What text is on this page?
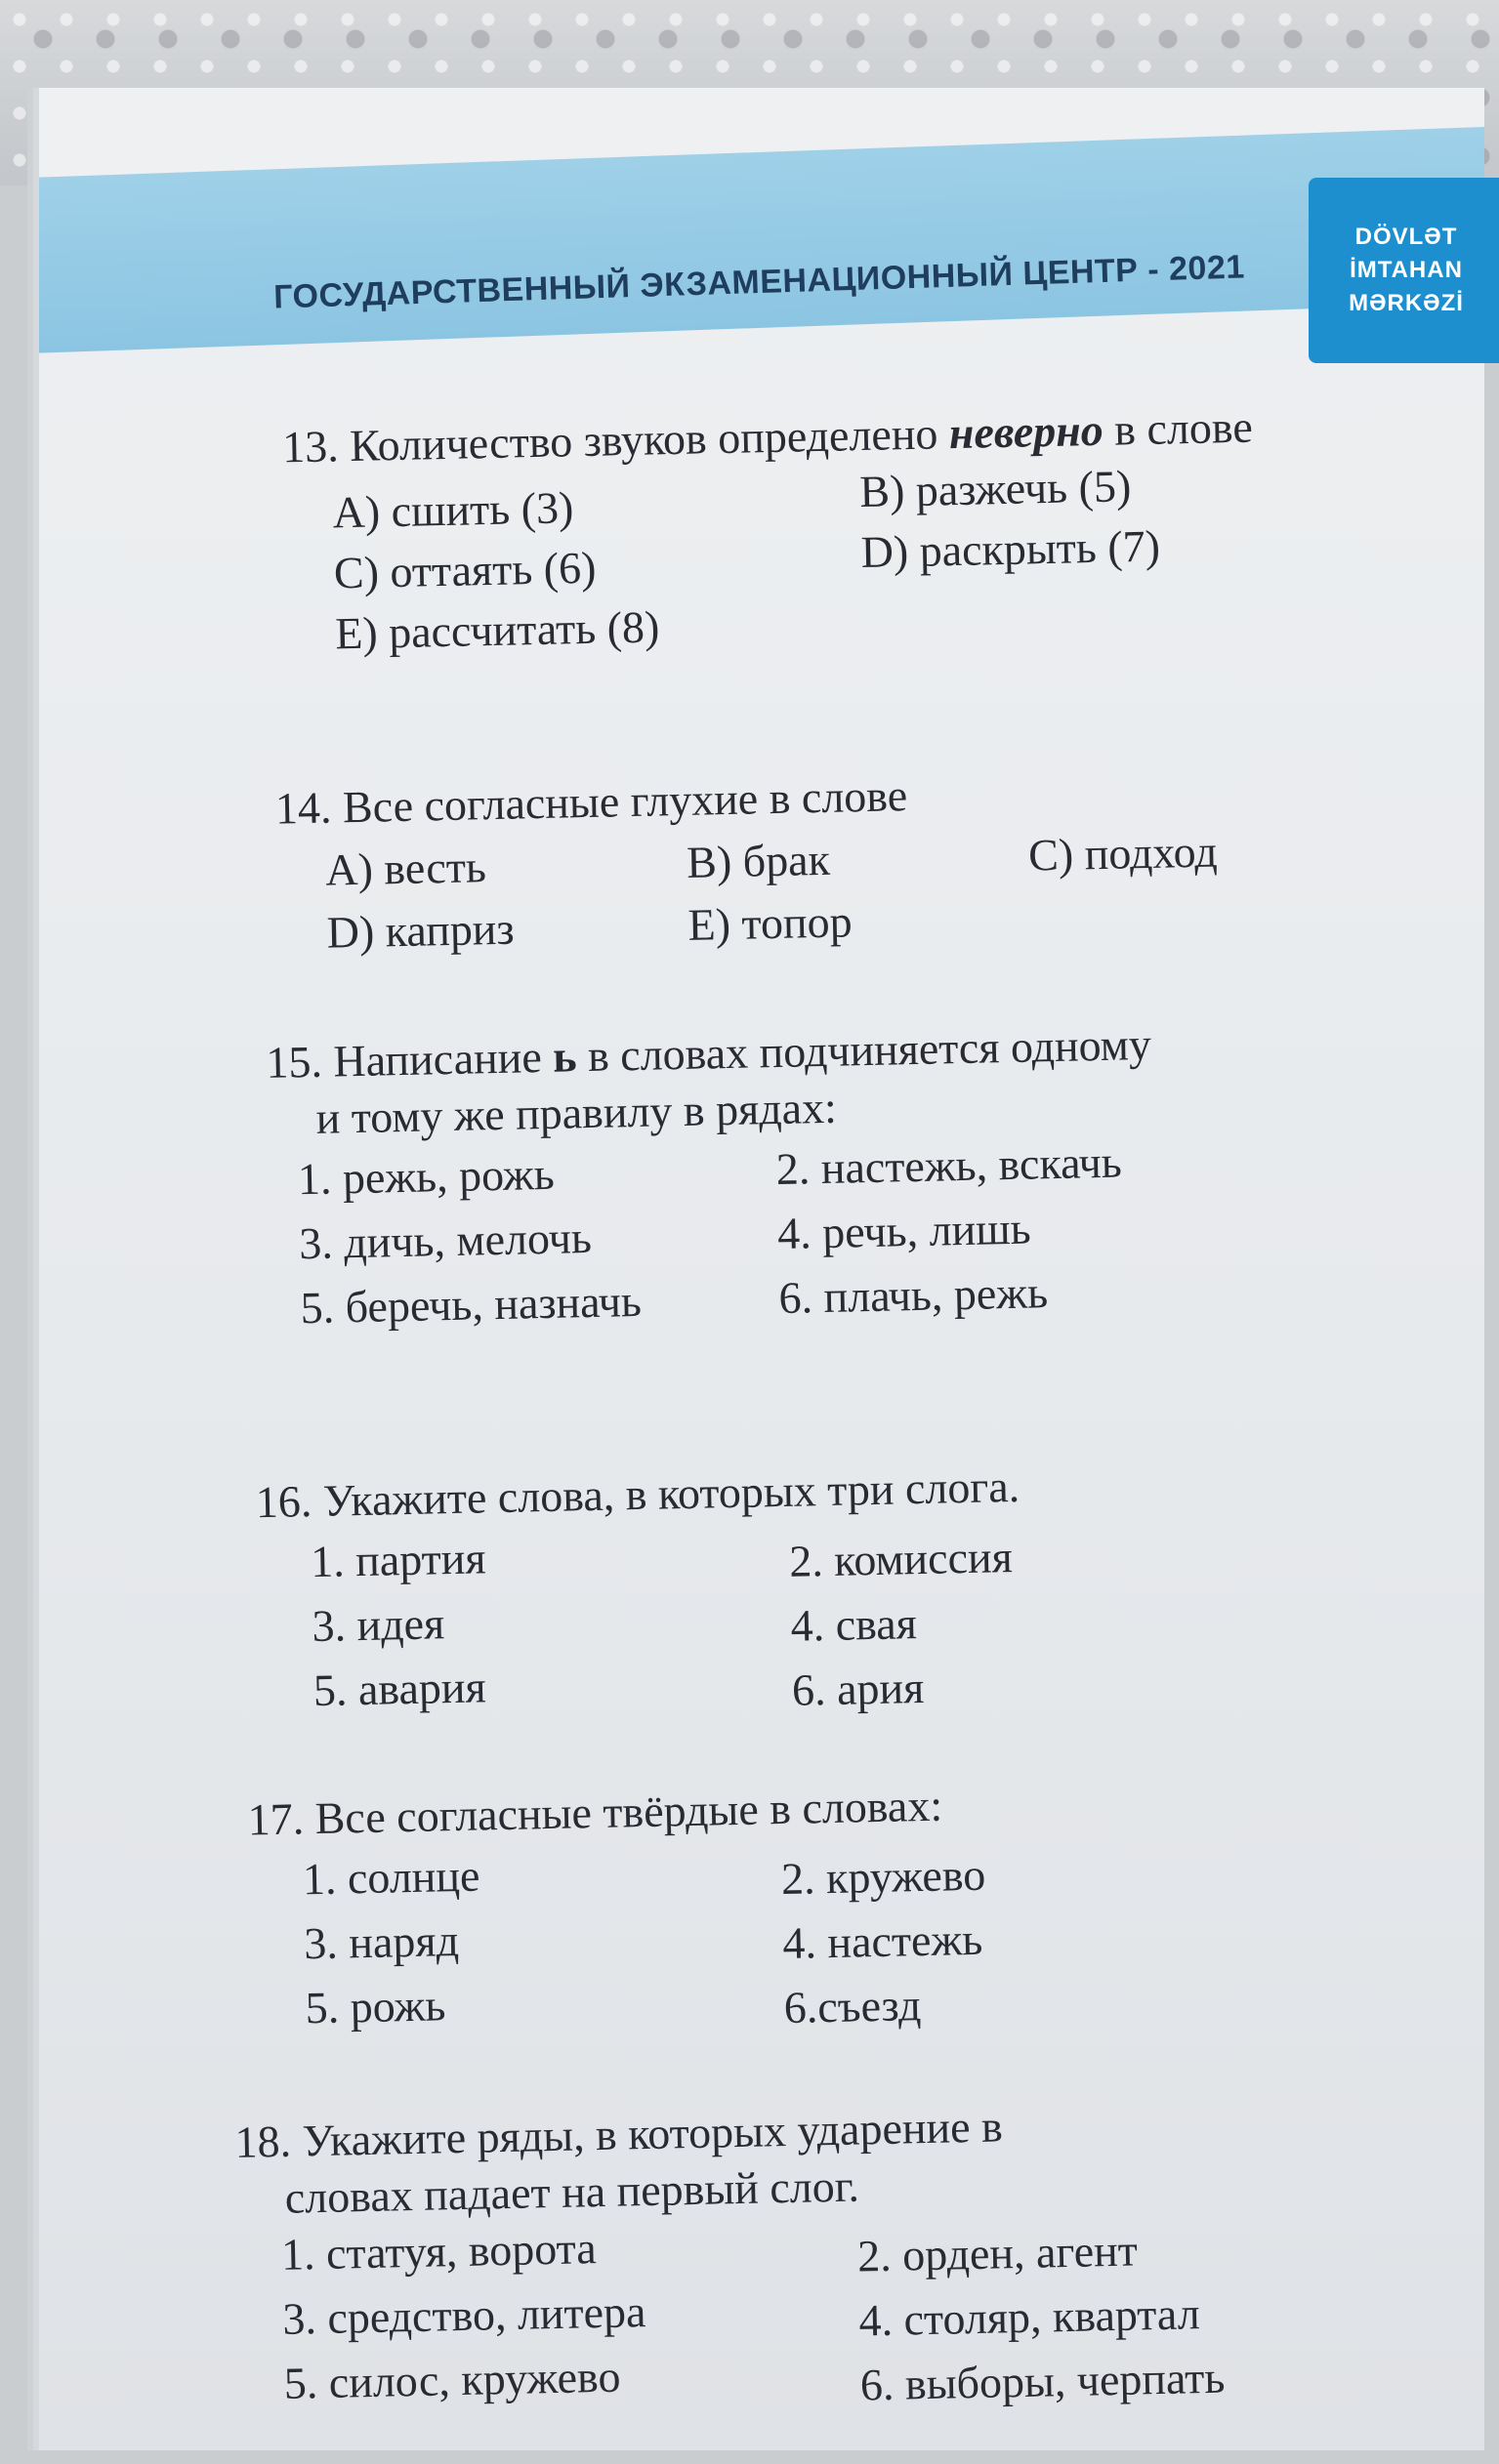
ГОСУДАРСТВЕННЫЙ ЭКЗАМЕНАЦИОННЫЙ ЦЕНТР - 2021
DÖVLƏT
İMTAHAN
MƏRKƏZİ
13. Количество звуков определено неверно в слове
A) сшить (3)	B) разжечь (5)
C) оттаять (6)	D) раскрыть (7)
E) рассчитать (8)
14. Все согласные глухие в слове
A) весть	B) брак	C) подход
D) каприз	E) топор
15. Написание ь в словах подчиняется одному
и тому же правилу в рядах:
1. режь, рожь	2. настежь, вскачь
3. дичь, мелочь	4. речь, лишь
5. беречь, назначь	6. плачь, режь
16. Укажите слова, в которых три слога.
1. партия	2. комиссия
3. идея	4. свая
5. авария	6. ария
17. Все согласные твёрдые в словах:
1. солнце	2. кружево
3. наряд	4. настежь
5. рожь	6.съезд
18. Укажите ряды, в которых ударение в
словах падает на первый слог.
1. статуя, ворота	2. орден, агент
3. средство, литера	4. столяр, квартал
5. силос, кружево	6. выборы, черпать
